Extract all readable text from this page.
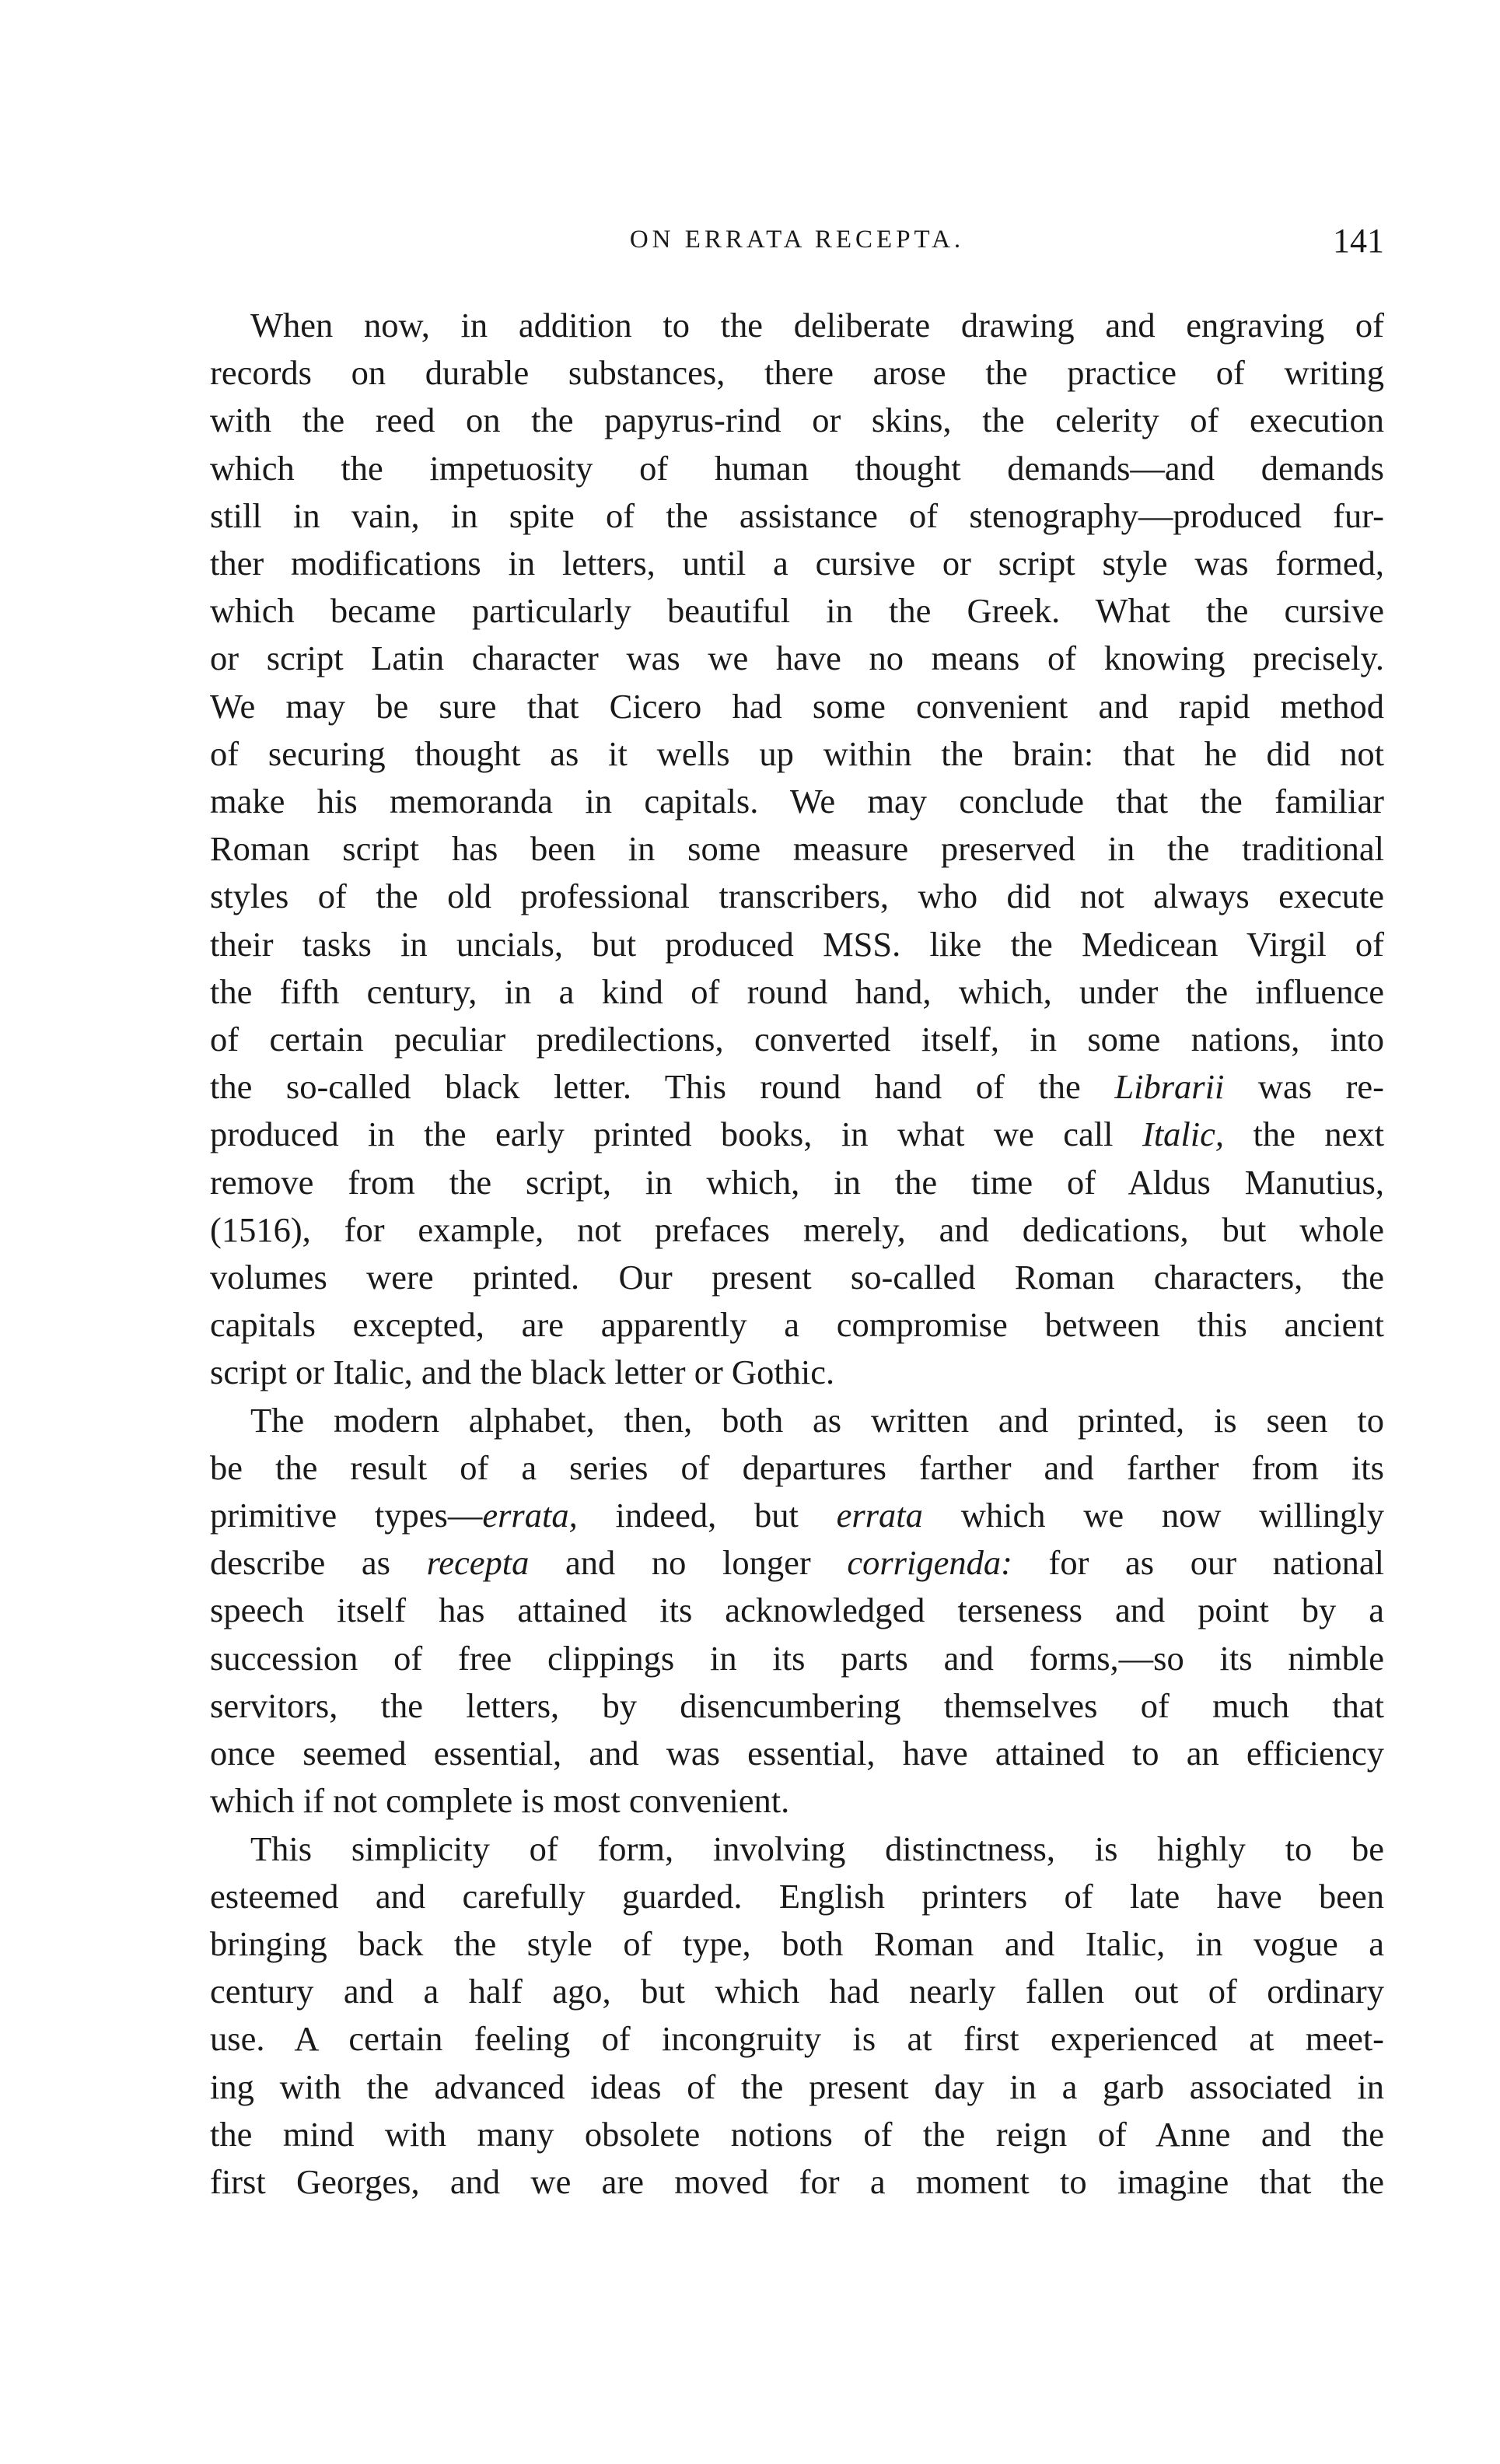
ON ERRATA RECEPTA.	141
When now, in addition to the deliberate drawing and engraving of
records on durable substances, there arose the practice of writing
with the reed on the papyrus-rind or skins, the celerity of execution
which the impetuosity of human thought demands—and demands
still in vain, in spite of the assistance of stenography—produced fur-
ther modifications in letters, until a cursive or script style was formed,
which became particularly beautiful in the Greek. What the cursive
or script Latin character was we have no means of knowing precisely.
We may be sure that Cicero had some convenient and rapid method
of securing thought as it wells up within the brain: that he did not
make his memoranda in capitals. We may conclude that the familiar
Roman script has been in some measure preserved in the traditional
styles of the old professional transcribers, who did not always execute
their tasks in uncials, but produced MSS. like the Medicean Virgil of
the fifth century, in a kind of round hand, which, under the influence
of certain peculiar predilections, converted itself, in some nations, into
the so-called black letter. This round hand of the Librarii was re-
produced in the early printed books, in what we call Italic, the next
remove from the script, in which, in the time of Aldus Manutius,
(1516), for example, not prefaces merely, and dedications, but whole
volumes were printed. Our present so-called Roman characters, the
capitals excepted, are apparently a compromise between this ancient
script or Italic, and the black letter or Gothic.
The modern alphabet, then, both as written and printed, is seen to
be the result of a series of departures farther and farther from its
primitive types—errata, indeed, but errata which we now willingly
describe as recepta and no longer corrigenda: for as our national
speech itself has attained its acknowledged terseness and point by a
succession of free clippings in its parts and forms,—so its nimble
servitors, the letters, by disencumbering themselves of much that
once seemed essential, and was essential, have attained to an efficiency
which if not complete is most convenient.
This simplicity of form, involving distinctness, is highly to be
esteemed and carefully guarded. English printers of late have been
bringing back the style of type, both Roman and Italic, in vogue a
century and a half ago, but which had nearly fallen out of ordinary
use. A certain feeling of incongruity is at first experienced at meet-
ing with the advanced ideas of the present day in a garb associated in
the mind with many obsolete notions of the reign of Anne and the
first Georges, and we are moved for a moment to imagine that the
